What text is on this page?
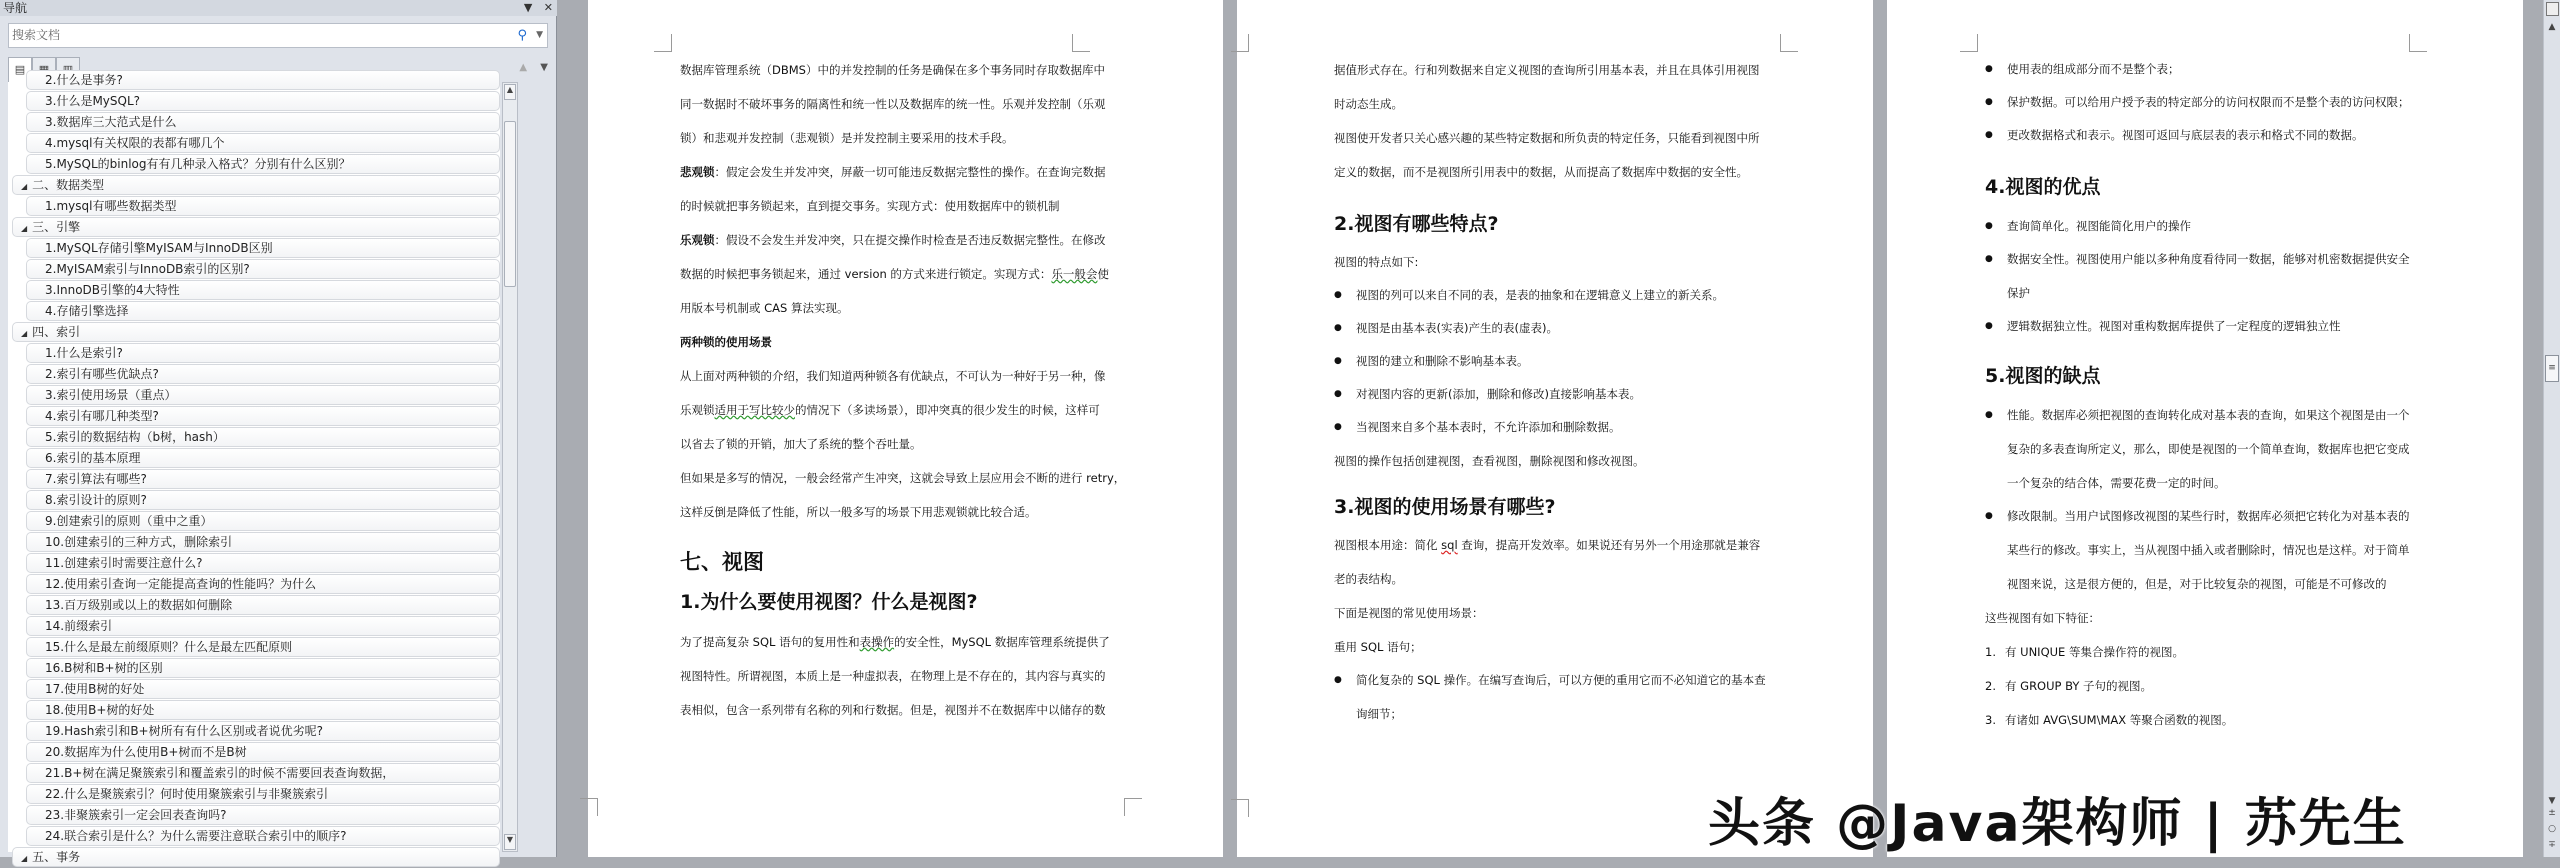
导航	▼ ✕
搜索文档	⚲ ▼
▤	▲ ▼
2.什么是事务?
3.什么是MySQL?
3.数据库三大范式是什么
4.mysql有关权限的表都有哪几个
5.MySQL的binlog有有几种录入格式？分别有什么区别？
◢ 二、数据类型
1.mysql有哪些数据类型
◢ 三、引擎
1.MySQL存储引擎MyISAM与InnoDB区别
2.MyISAM索引与InnoDB索引的区别?
3.InnoDB引擎的4大特性
4.存储引擎选择
◢ 四、索引
1.什么是索引?
2.索引有哪些优缺点?
3.索引使用场景（重点）
4.索引有哪几种类型?
5.索引的数据结构（b树，hash）
6.索引的基本原理
7.索引算法有哪些?
8.索引设计的原则?
9.创建索引的原则（重中之重）
10.创建索引的三种方式，删除索引
11.创建索引时需要注意什么?
12.使用索引查询一定能提高查询的性能吗？为什么
13.百万级别或以上的数据如何删除
14.前缀索引
15.什么是最左前缀原则？什么是最左匹配原则
16.B树和B+树的区别
17.使用B树的好处
18.使用B+树的好处
19.Hash索引和B+树所有有什么区别或者说优劣呢?
20.数据库为什么使用B+树而不是B树
21.B+树在满足聚簇索引和覆盖索引的时候不需要回表查询数据，
22.什么是聚簇索引？何时使用聚簇索引与非聚簇索引
23.非聚簇索引一定会回表查询吗?
24.联合索引是什么？为什么需要注意联合索引中的顺序?
◢ 五、事务
▲
▼
数据库管理系统（DBMS）中的并发控制的任务是确保在多个事务同时存取数据库中
同一数据时不破坏事务的隔离性和统一性以及数据库的统一性。乐观并发控制（乐观
锁）和悲观并发控制（悲观锁）是并发控制主要采用的技术手段。
悲观锁：假定会发生并发冲突，屏蔽一切可能违反数据完整性的操作。在查询完数据
的时候就把事务锁起来，直到提交事务。实现方式：使用数据库中的锁机制
乐观锁：假设不会发生并发冲突，只在提交操作时检查是否违反数据完整性。在修改
数据的时候把事务锁起来，通过 version 的方式来进行锁定。实现方式：乐一般会使
用版本号机制或 CAS 算法实现。
两种锁的使用场景
从上面对两种锁的介绍，我们知道两种锁各有优缺点，不可认为一种好于另一种，像
乐观锁适用于写比较少的情况下（多读场景），即冲突真的很少发生的时候，这样可
以省去了锁的开销，加大了系统的整个吞吐量。
但如果是多写的情况，一般会经常产生冲突，这就会导致上层应用会不断的进行 retry，
这样反倒是降低了性能，所以一般多写的场景下用悲观锁就比较合适。
七、视图
1.为什么要使用视图？什么是视图?
为了提高复杂 SQL 语句的复用性和表操作的安全性，MySQL 数据库管理系统提供了
视图特性。所谓视图，本质上是一种虚拟表，在物理上是不存在的，其内容与真实的
表相似，包含一系列带有名称的列和行数据。但是，视图并不在数据库中以储存的数
据值形式存在。行和列数据来自定义视图的查询所引用基本表，并且在具体引用视图
时动态生成。
视图使开发者只关心感兴趣的某些特定数据和所负责的特定任务，只能看到视图中所
定义的数据，而不是视图所引用表中的数据，从而提高了数据库中数据的安全性。
2.视图有哪些特点?
视图的特点如下:
● 视图的列可以来自不同的表，是表的抽象和在逻辑意义上建立的新关系。
● 视图是由基本表(实表)产生的表(虚表)。
● 视图的建立和删除不影响基本表。
● 对视图内容的更新(添加，删除和修改)直接影响基本表。
● 当视图来自多个基本表时，不允许添加和删除数据。
视图的操作包括创建视图，查看视图，删除视图和修改视图。
3.视图的使用场景有哪些?
视图根本用途：简化 sql 查询，提高开发效率。如果说还有另外一个用途那就是兼容
老的表结构。
下面是视图的常见使用场景：
重用 SQL 语句；
● 简化复杂的 SQL 操作。在编写查询后，可以方便的重用它而不必知道它的基本查
询细节；
● 使用表的组成部分而不是整个表；
● 保护数据。可以给用户授予表的特定部分的访问权限而不是整个表的访问权限；
● 更改数据格式和表示。视图可返回与底层表的表示和格式不同的数据。
4.视图的优点
● 查询简单化。视图能简化用户的操作
● 数据安全性。视图使用户能以多种角度看待同一数据，能够对机密数据提供安全
保护
● 逻辑数据独立性。视图对重构数据库提供了一定程度的逻辑独立性
5.视图的缺点
● 性能。数据库必须把视图的查询转化成对基本表的查询，如果这个视图是由一个
复杂的多表查询所定义，那么，即使是视图的一个简单查询，数据库也把它变成
一个复杂的结合体，需要花费一定的时间。
● 修改限制。当用户试图修改视图的某些行时，数据库必须把它转化为对基本表的
某些行的修改。事实上，当从视图中插入或者删除时，情况也是这样。对于简单
视图来说，这是很方便的，但是，对于比较复杂的视图，可能是不可修改的
这些视图有如下特征：
1. 有 UNIQUE 等集合操作符的视图。
2. 有 GROUP BY 子句的视图。
3. 有诸如 AVG\SUM\MAX 等聚合函数的视图。
▲
≡
▼
±
○
∓
头条 @Java架构师 | 苏先生
